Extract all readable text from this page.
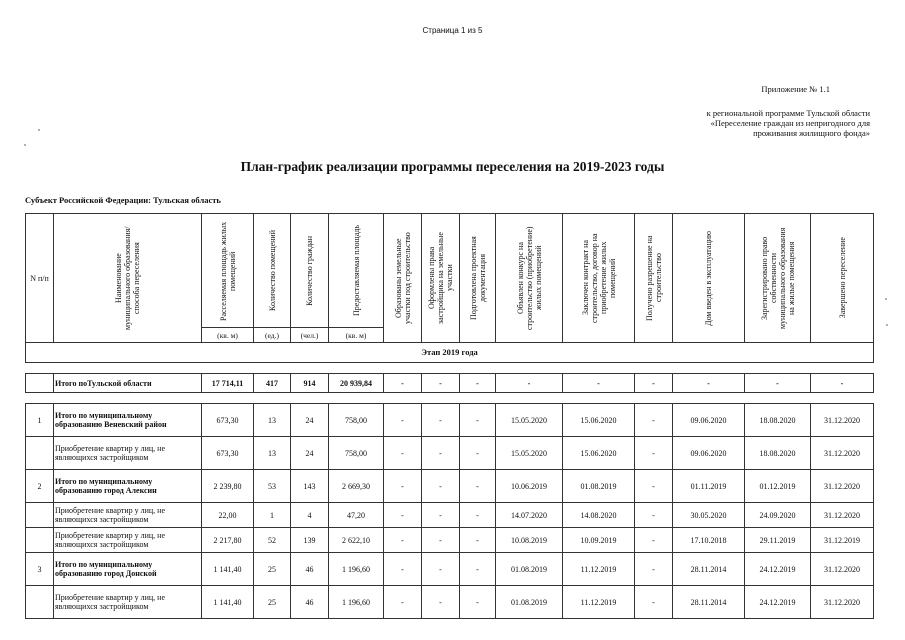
Страница 1 из 5
Приложение № 1.1
к региональной программе Тульской области
«Переселение граждан из непригодного для
проживания жилищного фонда»
План-график реализации программы переселения на 2019-2023 годы
Субъект Российской Федерации: Тульская область
N п/п	Наименование муниципального образования/способа переселения	Расселяемая площадь жилых помещений	Количество помещений	Количество граждан	Предоставляемая площадь	Образованы земельные участки под строительство	Оформлены права застройщика на земельные участки	Подготовлена проектная документация	Объявлен конкурс на строительство (приобретение) жилых помещений	Заключен контракт на строительство, договор на приобретение жилых помещений	Получено разрешение на строительство	Дом введен в эксплуатацию	Зарегистрировано право собственности муниципального образования на жилые помещения	Завершено переселение

		(кв. м)	(ед.)	(чел.)	(кв. м)									
Этап 2019 года														

	Итого поТульской области	17 714,11	417	914	20 939,84	-	-	-	-	-	-	-	-	-

1	Итого по муниципальному образованию Веневский район	673,30	13	24	758,00	-	-	-	15.05.2020	15.06.2020	-	09.06.2020	18.08.2020	31.12.2020
	Приобретение квартир у лиц, не являющихся застройщиком	673,30	13	24	758,00	-	-	-	15.05.2020	15.06.2020	-	09.06.2020	18.08.2020	31.12.2020
2	Итого по муниципальному образованию город Алексин	2 239,80	53	143	2 669,30	-	-	-	10.06.2019	01.08.2019	-	01.11.2019	01.12.2019	31.12.2020
	Приобретение квартир у лиц, не являющихся застройщиком	22,00	1	4	47,20	-	-	-	14.07.2020	14.08.2020	-	30.05.2020	24.09.2020	31.12.2020
	Приобретение квартир у лиц, не являющихся застройщиком	2 217,80	52	139	2 622,10	-	-	-	10.08.2019	10.09.2019	-	17.10.2018	29.11.2019	31.12.2019
3	Итого по муниципальному образованию город Донской	1 141,40	25	46	1 196,60	-	-	-	01.08.2019	11.12.2019	-	28.11.2014	24.12.2019	31.12.2020
	Приобретение квартир у лиц, не являющихся застройщиком	1 141,40	25	46	1 196,60	-	-	-	01.08.2019	11.12.2019	-	28.11.2014	24.12.2019	31.12.2020
